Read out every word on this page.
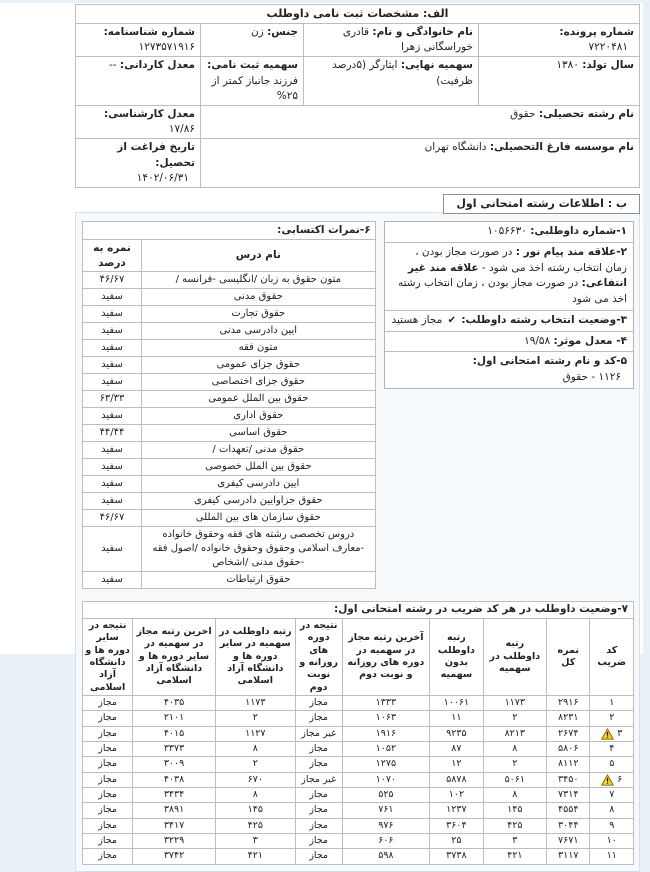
الف: مشخصات ثبت نامی داوطلب			
شماره پرونده:
۷۲۲۰۴۸۱	نام خانوادگی و نام: قادری خوراسگانی زهرا	جنس: زن	شماره شناسنامه: ۱۲۷۳۵۷۱۹۱۶
سال تولد: ۱۳۸۰	سهمیه نهایی: ایثارگر (۵درصد ظرفیت)	سهمیه ثبت نامی: فرزند جانباز کمتر از ۲۵%	معدل کاردانی: --
نام رشته تحصیلی: حقوق			معدل کارشناسی: ۱۷/۸۶
نام موسسه فارغ التحصیلی: دانشگاه تهران			تاریخ فراغت از تحصیل:
۱۴۰۲/۰۶/۳۱
ب : اطلاعات رشته امتحانی اول
۱-شماره داوطلبی: ۱۰۵۶۶۳۰
۲-علاقه مند پیام نور : در صورت مجاز بودن ، زمان انتخاب رشته اخذ می شود - علاقه مند غیر انتفاعی: در صورت مجاز بودن ، زمان انتخاب رشته اخذ می شود
۳-وضعیت انتخاب رشته داوطلب: ✔ مجاز هستید
۴- معدل موثر: ۱۹/۵۸
۵-کد و نام رشته امتحانی اول:
۱۱۲۶ - حقوق
۶-نمرات اکتسابی:	
نام درس	نمره به درصد
متون حقوق به زبان /انگلیسی -فرانسه /	۴۶/۶۷
حقوق مدنی	سفید
حقوق تجارت	سفید
ایین دادرسی مدنی	سفید
متون فقه	سفید
حقوق جزای عمومی	سفید
حقوق جزای اختصاصی	سفید
حقوق بین الملل عمومی	۶۳/۳۳
حقوق اداری	سفید
حقوق اساسی	۴۴/۴۴
حقوق مدنی /تعهدات /	سفید
حقوق بین الملل خصوصی	سفید
ایین دادرسی کیفری	سفید
حقوق جزاوایین دادرسی کیفری	سفید
حقوق سازمان های بین المللی	۴۶/۶۷
دروس تخصصی رشته های فقه وحقوق خانواده -معارف اسلامی وحقوق وحقوق خانواده /اصول فقه -حقوق مدنی /اشخاص	سفید
حقوق ارتباطات	سفید
۷-وضعیت داوطلب در هر کد ضریب در رشته امتحانی اول:								
کد ضریب	نمره کل	رتبه داوطلب در سهمیه	رتبه داوطلب بدون سهمیه	آخرین رتبه مجاز در سهمیه در دوره های روزانه و نوبت دوم	نتیجه در دوره های روزانه و نوبت دوم	رتبه داوطلب در سهمیه در سایر دوره ها و دانشگاه آزاد اسلامی	اخرین رتبه مجاز در سهمیه در سایر دوره ها و دانشگاه آزاد اسلامی	نتیجه در سایر دوره ها و دانشگاه آزاد اسلامی

۱	۲۹۱۶	۱۱۷۳	۱۰۰۶۱	۱۳۳۳	مجاز	۱۱۷۳	۴۰۳۵	مجاز

۲	۸۲۳۱	۲	۱۱	۱۰۶۳	مجاز	۲	۲۱۰۱	مجاز

۳	۲۶۷۴	۸۲۱۳	۹۲۳۵	۱۹۱۶	غیر مجاز	۱۱۲۷	۴۰۱۵	مجاز

۴	۵۸۰۶	۸	۸۷	۱۰۵۲	مجاز	۸	۳۳۷۳	مجاز

۵	۸۱۱۲	۲	۱۲	۱۲۷۵	مجاز	۲	۳۰۰۹	مجاز

۶	۳۴۵۰	۵۰۶۱	۵۸۷۸	۱۰۷۰	غیر مجاز	۶۷۰	۴۰۳۸	مجاز

۷	۷۳۱۴	۸	۱۰۲	۵۲۵	مجاز	۸	۳۴۳۴	مجاز

۸	۴۵۵۴	۱۴۵	۱۲۳۷	۷۶۱	مجاز	۱۴۵	۳۸۹۱	مجاز

۹	۳۰۴۴	۴۲۵	۳۶۰۴	۹۷۶	مجاز	۴۲۵	۳۴۱۷	مجاز

۱۰	۷۶۷۱	۳	۲۵	۶۰۶	مجاز	۳	۳۲۲۹	مجاز

۱۱	۳۱۱۷	۴۲۱	۳۷۳۸	۵۹۸	مجاز	۴۲۱	۳۷۴۲	مجاز
